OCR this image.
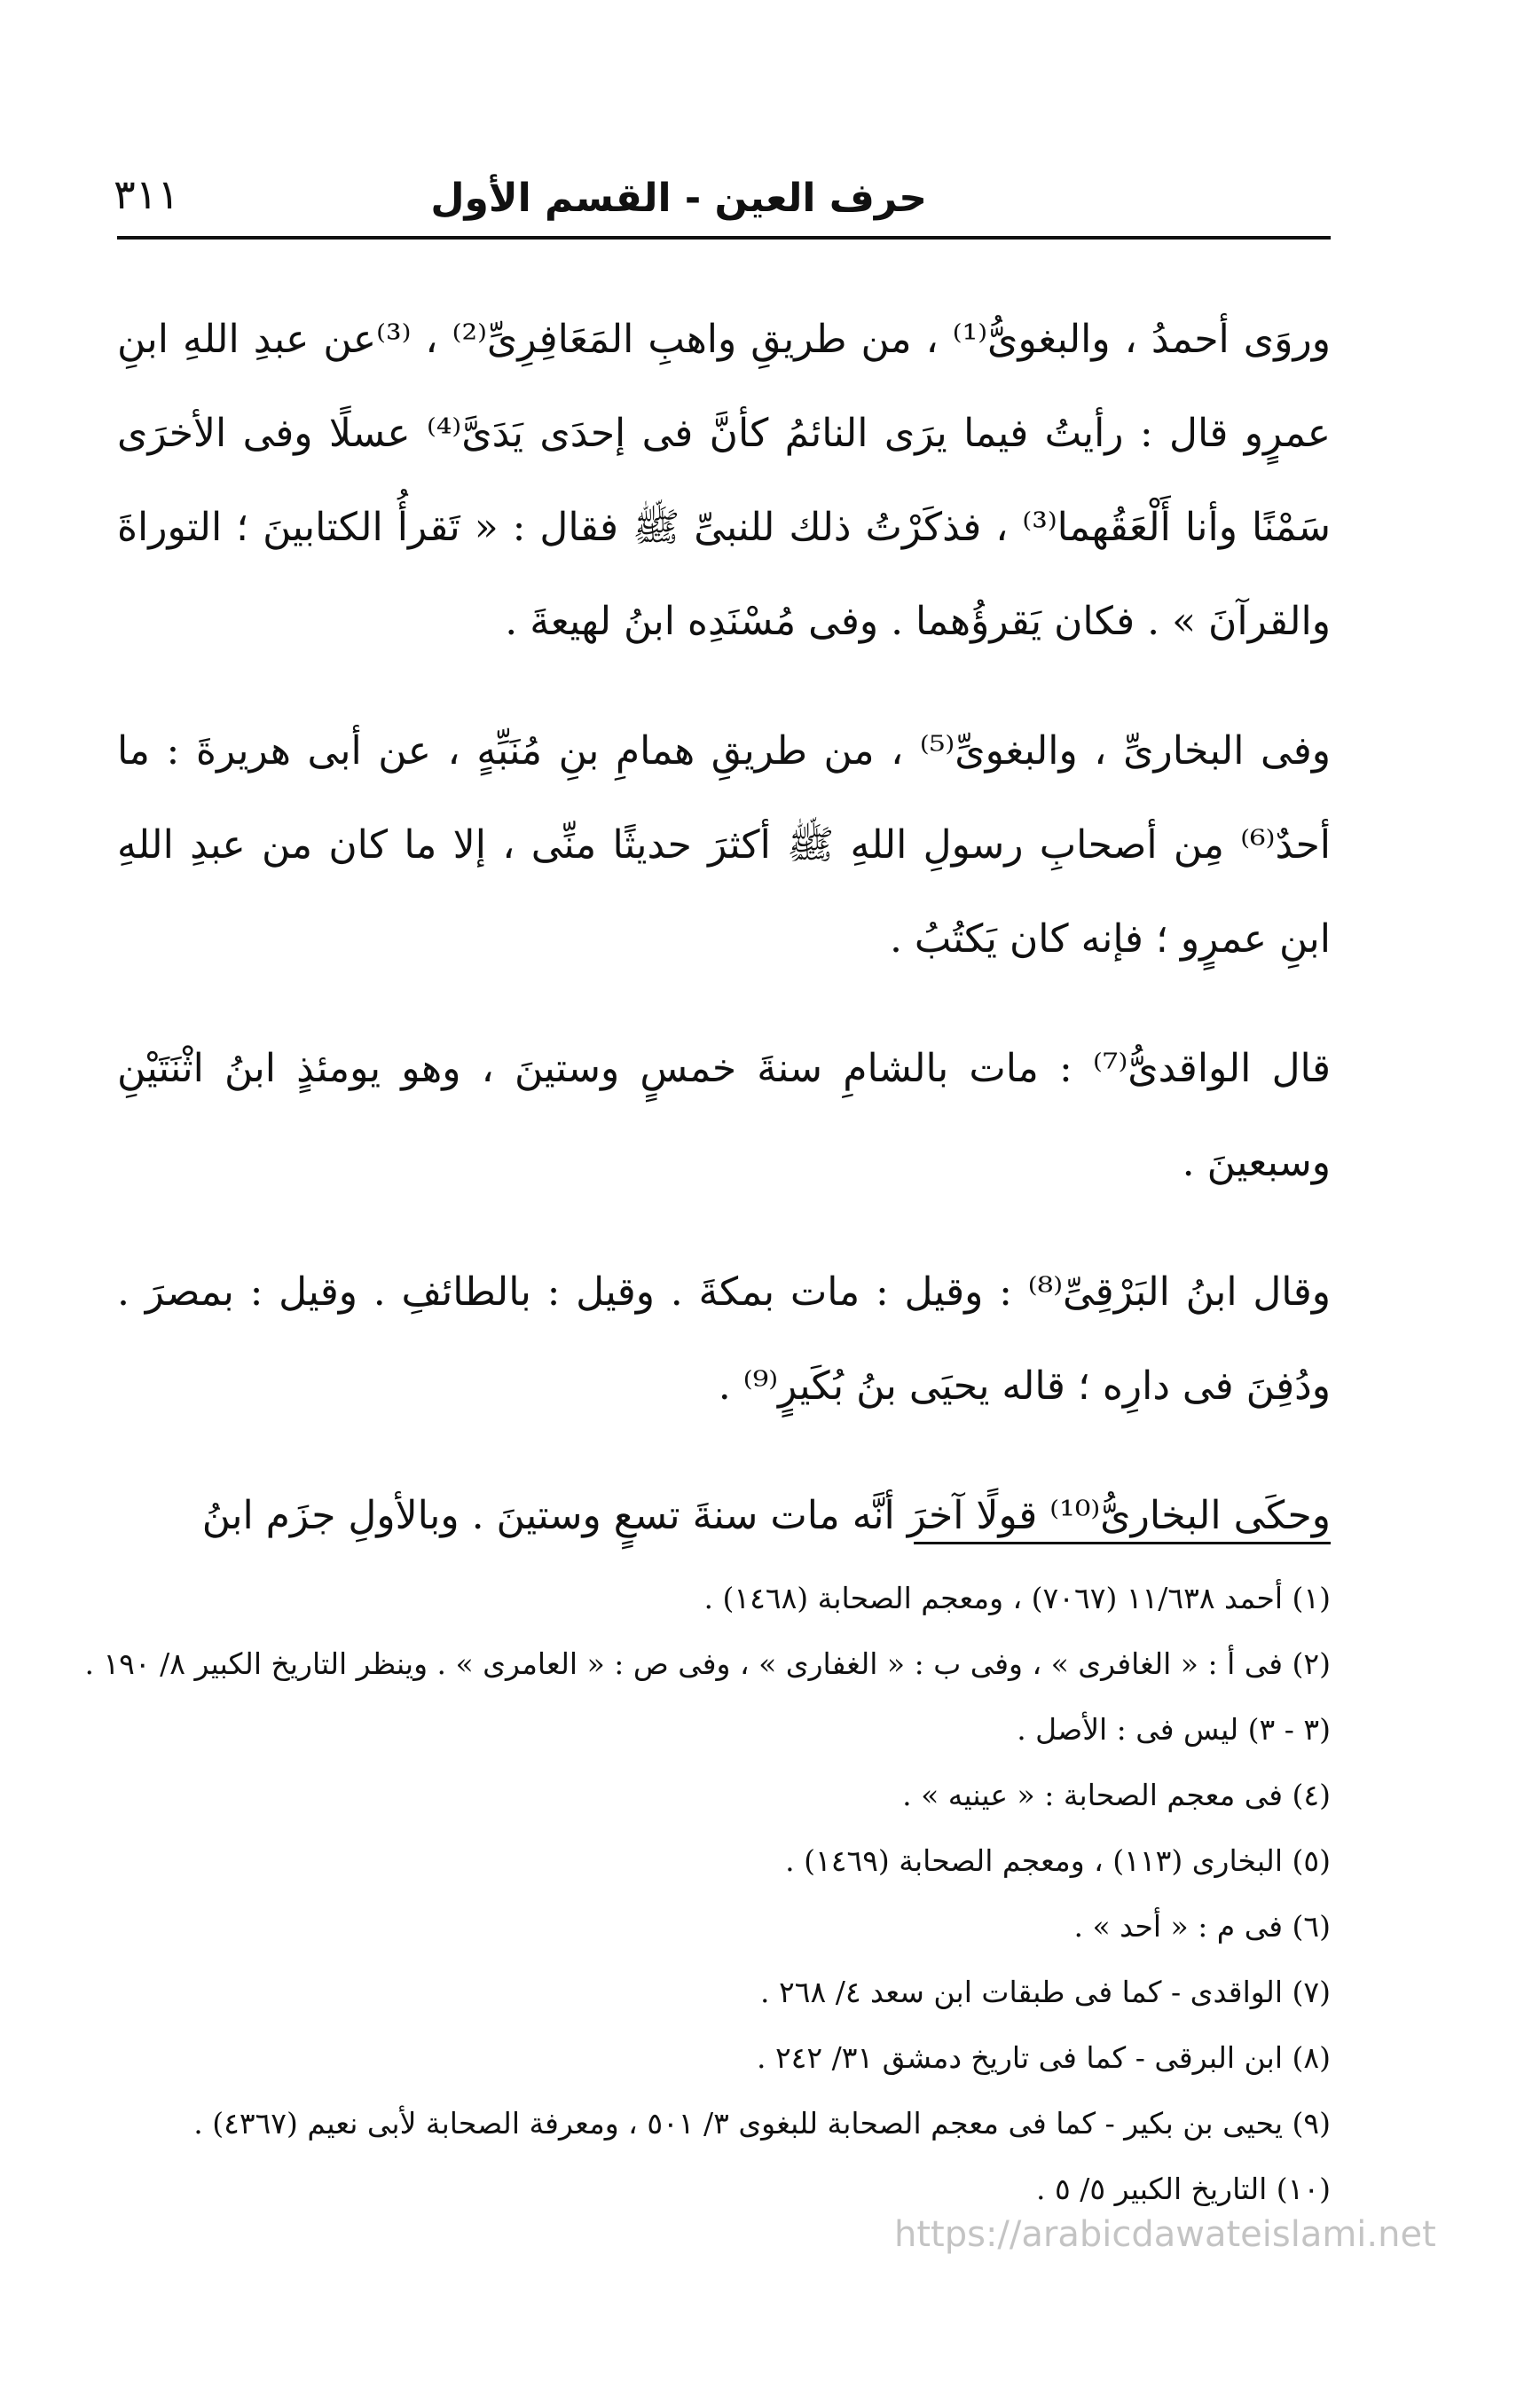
حرف العين - القسم الأول
٣١١

وروَى أحمدُ ، والبغوىُّ⁽¹⁾ ، من طريقِ واهبِ المَعَافِرِىِّ⁽²⁾ ، ⁽³⁾عن عبدِ اللهِ ابنِ عمرٍو قال : رأيتُ فيما يرَى النائمُ كأنَّ فى إحدَى يَدَىَّ⁽⁴⁾ عسلًا وفى الأخرَى سَمْنًا وأنا أَلْعَقُهما⁽³⁾ ، فذكَرْتُ ذلك للنبىِّ ﷺ فقال : « تَقرأُ الكتابينَ ؛ التوراةَ والقرآنَ » . فكان يَقرؤُهما . وفى مُسْنَدِه ابنُ لهيعةَ .

وفى البخارىِّ ، والبغوىِّ⁽⁵⁾ ، من طريقِ همامِ بنِ مُنَبِّهٍ ، عن أبى هريرةَ : ما أحدٌ⁽⁶⁾ مِن أصحابِ رسولِ اللهِ ﷺ أكثرَ حديثًا منِّى ، إلا ما كان من عبدِ اللهِ ابنِ عمرٍو ؛ فإنه كان يَكتُبُ .

قال الواقدىُّ⁽⁷⁾ : مات بالشامِ سنةَ خمسٍ وستينَ ، وهو يومئذٍ ابنُ اثْنَتَيْنِ وسبعينَ .

وقال ابنُ البَرْقِىِّ⁽⁸⁾ : وقيل : مات بمكةَ . وقيل : بالطائفِ . وقيل : بمصرَ . ودُفِنَ فى دارِه ؛ قاله يحيَى بنُ بُكَيرٍ⁽⁹⁾ .

وحكَى البخارىُّ⁽¹⁰⁾ قولًا آخرَ أنَّه مات سنةَ تسعٍ وستينَ . وبالأولِ جزَم ابنُ

(١) أحمد ١١/٦٣٨ (٧٠٦٧) ، ومعجم الصحابة (١٤٦٨) .
(٢) فى أ : « الغافرى » ، وفى ب : « الغفارى » ، وفى ص : « العامرى » . وينظر التاريخ الكبير ٨/ ١٩٠ .
(٣ - ٣) ليس فى : الأصل .
(٤) فى معجم الصحابة : « عينيه » .
(٥) البخارى (١١٣) ، ومعجم الصحابة (١٤٦٩) .
(٦) فى م : « أحد » .
(٧) الواقدى - كما فى طبقات ابن سعد ٤/ ٢٦٨ .
(٨) ابن البرقى - كما فى تاريخ دمشق ٣١/ ٢٤٢ .
(٩) يحيى بن بكير - كما فى معجم الصحابة للبغوى ٣/ ٥٠١ ، ومعرفة الصحابة لأبى نعيم (٤٣٦٧) .
(١٠) التاريخ الكبير ٥/ ٥ .
https://arabicdawateislami.net
